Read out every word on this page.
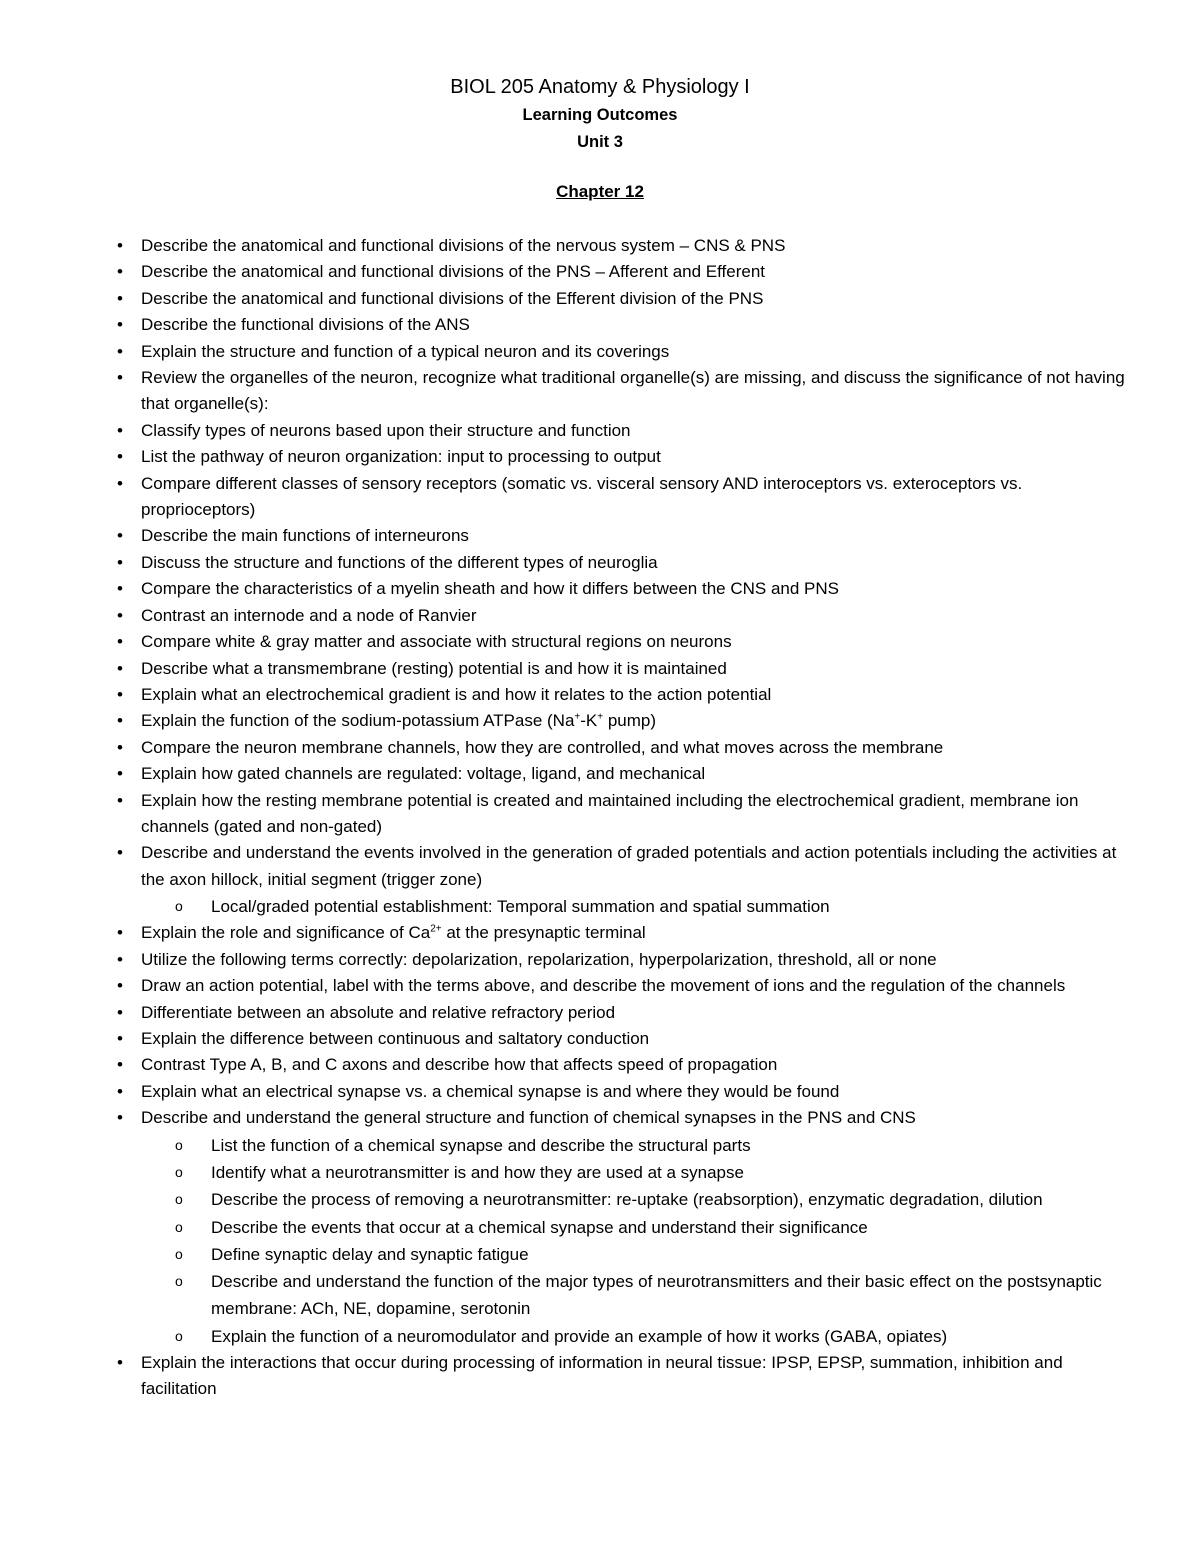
BIOL 205 Anatomy & Physiology I
Learning Outcomes
Unit 3
Chapter 12
• Describe the anatomical and functional divisions of the nervous system – CNS & PNS
• Describe the anatomical and functional divisions of the PNS – Afferent and Efferent
• Describe the anatomical and functional divisions of the Efferent division of the PNS
• Describe the functional divisions of the ANS
• Explain the structure and function of a typical neuron and its coverings
• Review the organelles of the neuron, recognize what traditional organelle(s) are missing, and discuss the significance of not having that organelle(s):
• Classify types of neurons based upon their structure and function
• List the pathway of neuron organization: input to processing to output
• Compare different classes of sensory receptors (somatic vs. visceral sensory AND interoceptors vs. exteroceptors vs. proprioceptors)
• Describe the main functions of interneurons
• Discuss the structure and functions of the different types of neuroglia
• Compare the characteristics of a myelin sheath and how it differs between the CNS and PNS
• Contrast an internode and a node of Ranvier
• Compare white & gray matter and associate with structural regions on neurons
• Describe what a transmembrane (resting) potential is and how it is maintained
• Explain what an electrochemical gradient is and how it relates to the action potential
• Explain the function of the sodium-potassium ATPase (Na+-K+ pump)
• Compare the neuron membrane channels, how they are controlled, and what moves across the membrane
• Explain how gated channels are regulated: voltage, ligand, and mechanical
• Explain how the resting membrane potential is created and maintained including the electrochemical gradient, membrane ion channels (gated and non-gated)
• Describe and understand the events involved in the generation of graded potentials and action potentials including the activities at the axon hillock, initial segment (trigger zone)
o Local/graded potential establishment: Temporal summation and spatial summation
• Explain the role and significance of $Ca^{2+}$ at the presynaptic terminal
• Utilize the following terms correctly: depolarization, repolarization, hyperpolarization, threshold, all or none
• Draw an action potential, label with the terms above, and describe the movement of ions and the regulation of the channels
• Differentiate between an absolute and relative refractory period
• Explain the difference between continuous and saltatory conduction
• Contrast Type A, B, and C axons and describe how that affects speed of propagation
• Explain what an electrical synapse vs. a chemical synapse is and where they would be found
• Describe and understand the general structure and function of chemical synapses in the PNS and CNS
o List the function of a chemical synapse and describe the structural parts
o Identify what a neurotransmitter is and how they are used at a synapse
o Describe the process of removing a neurotransmitter: re-uptake (reabsorption), enzymatic degradation, dilution
o Describe the events that occur at a chemical synapse and understand their significance
o Define synaptic delay and synaptic fatigue
o Describe and understand the function of the major types of neurotransmitters and their basic effect on the postsynaptic membrane: ACh, NE, dopamine, serotonin
o Explain the function of a neuromodulator and provide an example of how it works (GABA, opiates)
• Explain the interactions that occur during processing of information in neural tissue: IPSP, EPSP, summation, inhibition and facilitation
